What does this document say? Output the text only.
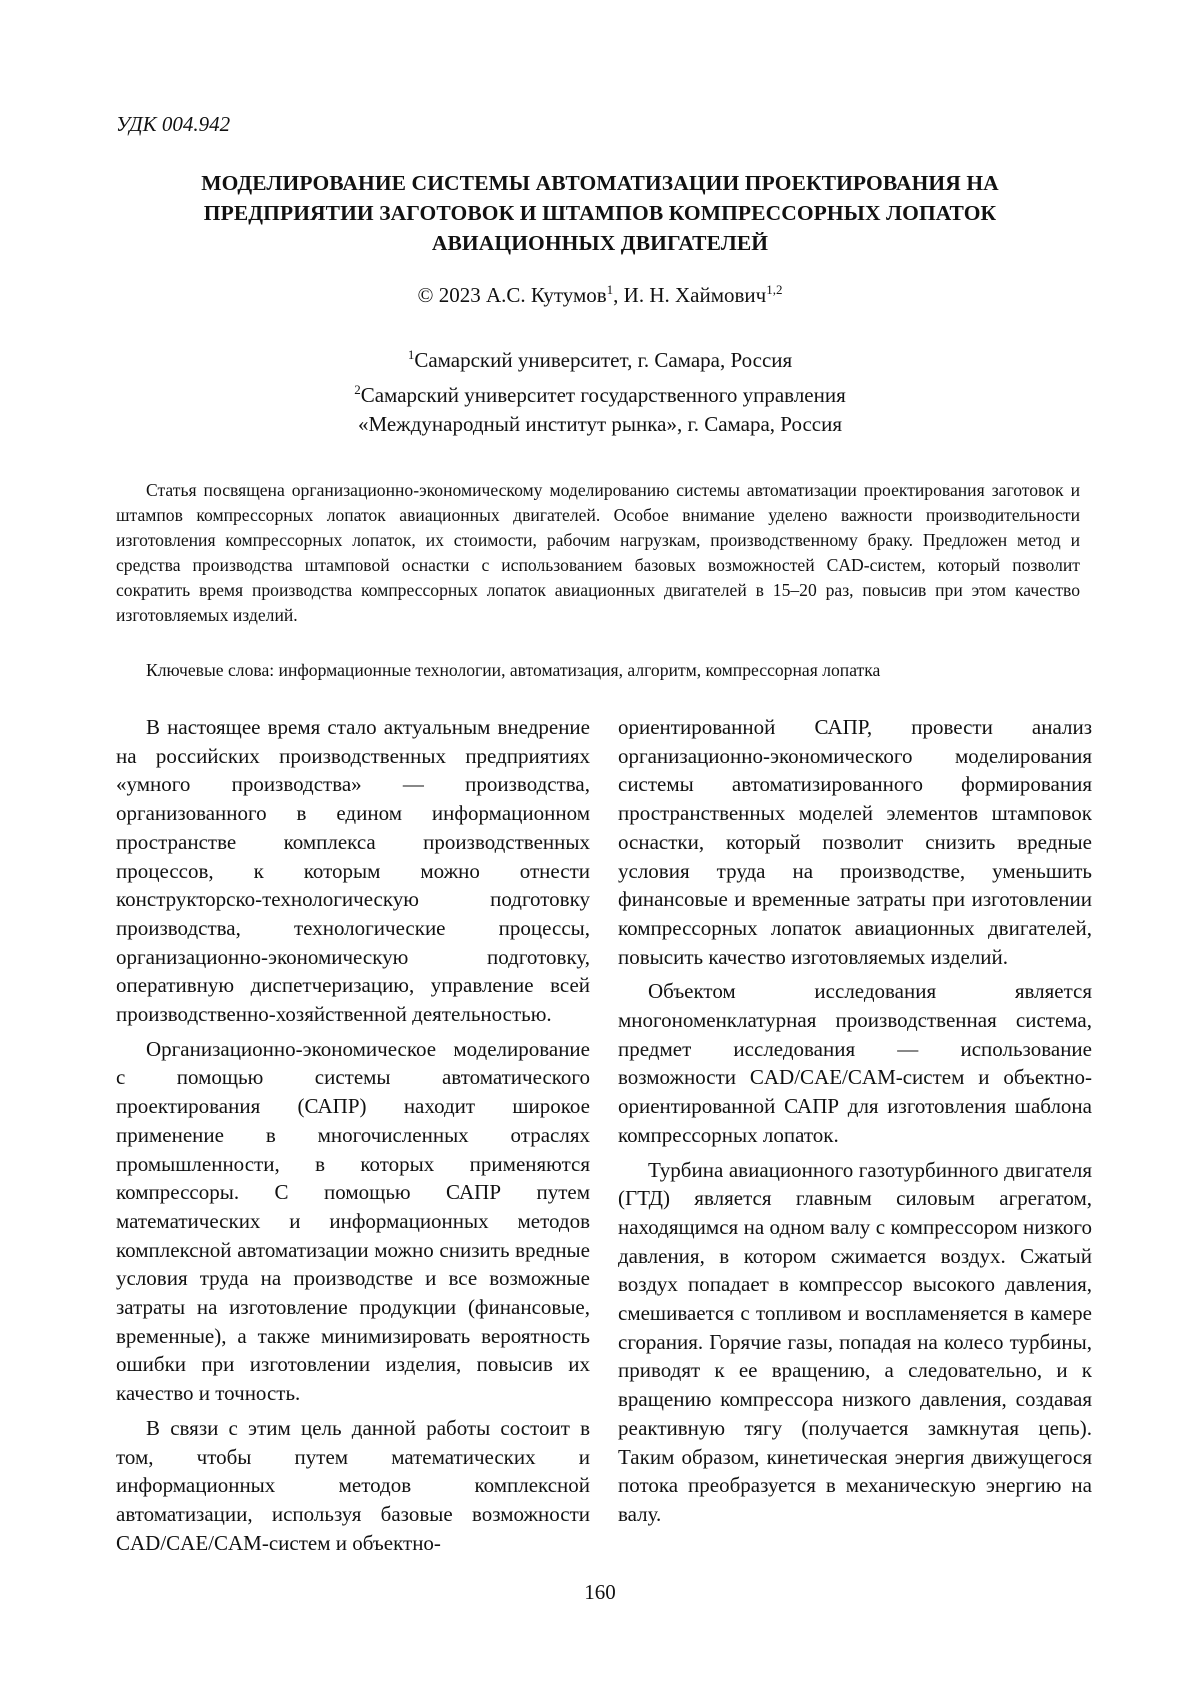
УДК 004.942
МОДЕЛИРОВАНИЕ СИСТЕМЫ АВТОМАТИЗАЦИИ ПРОЕКТИРОВАНИЯ НА
ПРЕДПРИЯТИИ ЗАГОТОВОК И ШТАМПОВ КОМПРЕССОРНЫХ ЛОПАТОК
АВИАЦИОННЫХ ДВИГАТЕЛЕЙ
© 2023 А.С. Кутумов$^1$, И. Н. Хаймович$^{1,2}$
$^1$Самарский университет, г. Самара, Россия
$^2$Самарский университет государственного управления
«Международный институт рынка», г. Самара, Россия
Статья посвящена организационно-экономическому моделированию системы автоматизации проектирования заготовок и штампов компрессорных лопаток авиационных двигателей. Особое внимание уделено важности производительности изготовления компрессорных лопаток, их стоимости, рабочим нагрузкам, производственному браку. Предложен метод и средства производства штамповой оснастки с использованием базовых возможностей CAD-систем, который позволит сократить время производства компрессорных лопаток авиационных двигателей в 15–20 раз, повысив при этом качество изготовляемых изделий.
Ключевые слова: информационные технологии, автоматизация, алгоритм, компрессорная лопатка

В настоящее время стало актуальным внедрение на российских производственных предприятиях «умного производства» — производства, организованного в едином информационном пространстве комплекса производственных процессов, к которым можно отнести конструкторско-технологическую подготовку производства, технологические процессы, организационно-экономическую подготовку, оперативную диспетчеризацию, управление всей производственно-хозяйственной деятельностью.

Организационно-экономическое моделирование с помощью системы автоматического проектирования (САПР) находит широкое применение в многочисленных отраслях промышленности, в которых применяются компрессоры. С помощью САПР путем математических и информационных методов комплексной автоматизации можно снизить вредные условия труда на производстве и все возможные затраты на изготовление продукции (финансовые, временные), а также минимизировать вероятность ошибки при изготовлении изделия, повысив их качество и точность.

В связи с этим цель данной работы состоит в том, чтобы путем математических и информационных методов комплексной автоматизации, используя базовые возможности CAD/CAE/CAM-систем и объектно-

ориентированной САПР, провести анализ организационно-экономического моделирования системы автоматизированного формирования пространственных моделей элементов штамповок оснастки, который позволит снизить вредные условия труда на производстве, уменьшить финансовые и временные затраты при изготовлении компрессорных лопаток авиационных двигателей, повысить качество изготовляемых изделий.

Объектом исследования является многономенклатурная производственная система, предмет исследования — использование возможности CAD/CAE/CAM-систем и объектно-ориентированной САПР для изготовления шаблона компрессорных лопаток.

Турбина авиационного газотурбинного двигателя (ГТД) является главным силовым агрегатом, находящимся на одном валу с компрессором низкого давления, в котором сжимается воздух. Сжатый воздух попадает в компрессор высокого давления, смешивается с топливом и воспламеняется в камере сгорания. Горячие газы, попадая на колесо турбины, приводят к ее вращению, а следовательно, и к вращению компрессора низкого давления, создавая реактивную тягу (получается замкнутая цепь). Таким образом, кинетическая энергия движущегося потока преобразуется в механическую энергию на валу.

160
